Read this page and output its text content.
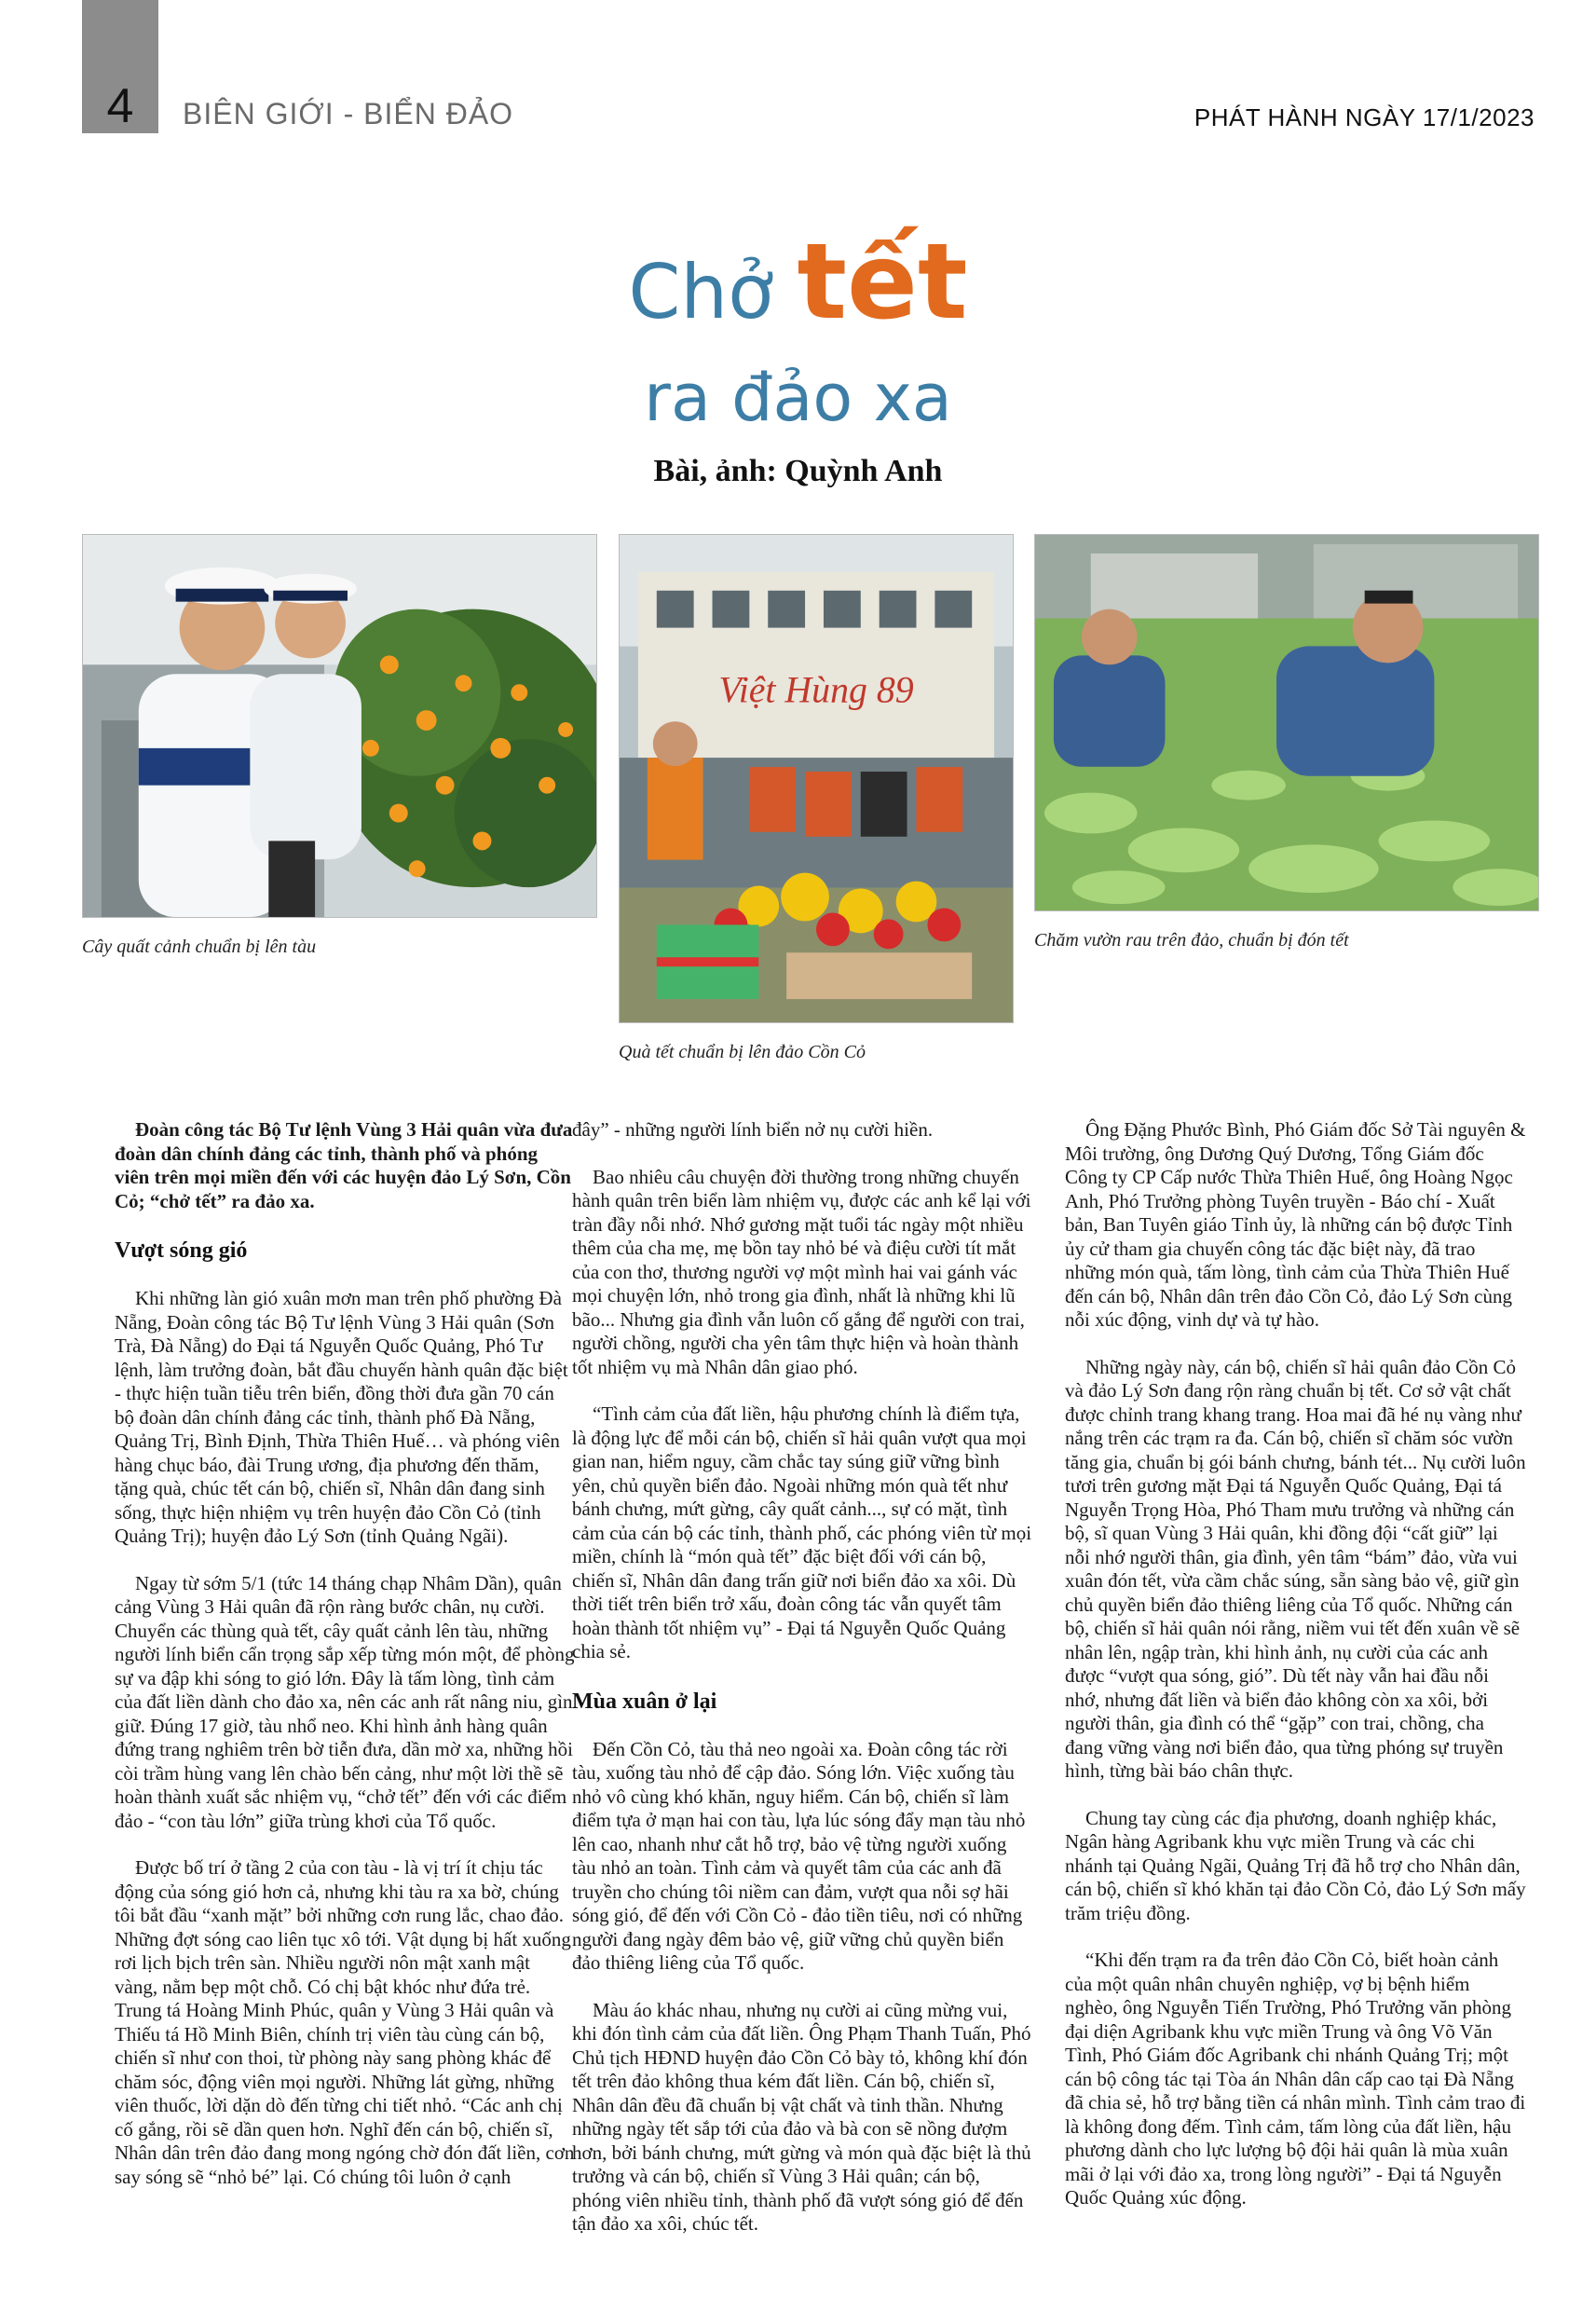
4	BIÊN GIỚI - BIỂN ĐẢO	PHÁT HÀNH NGÀY 17/1/2023
Chở tết
ra đảo xa
Bài, ảnh: Quỳnh Anh
Cây quất cảnh chuẩn bị lên tàu
Việt Hùng 89
Quà tết chuẩn bị lên đảo Cồn Cỏ
Chăm vườn rau trên đảo, chuẩn bị đón tết

Đoàn công tác Bộ Tư lệnh Vùng 3 Hải quân vừa đưa đoàn dân chính đảng các tỉnh, thành phố và phóng viên trên mọi miền đến với các huyện đảo Lý Sơn, Cồn Cỏ; “chở tết” ra đảo xa.

Vượt sóng gió

Khi những làn gió xuân mơn man trên phố phường Đà Nẵng, Đoàn công tác Bộ Tư lệnh Vùng 3 Hải quân (Sơn Trà, Đà Nẵng) do Đại tá Nguyễn Quốc Quảng, Phó Tư lệnh, làm trưởng đoàn, bắt đầu chuyến hành quân đặc biệt - thực hiện tuần tiễu trên biển, đồng thời đưa gần 70 cán bộ đoàn dân chính đảng các tỉnh, thành phố Đà Nẵng, Quảng Trị, Bình Định, Thừa Thiên Huế… và phóng viên hàng chục báo, đài Trung ương, địa phương đến thăm, tặng quà, chúc tết cán bộ, chiến sĩ, Nhân dân đang sinh sống, thực hiện nhiệm vụ trên huyện đảo Cồn Cỏ (tỉnh Quảng Trị); huyện đảo Lý Sơn (tỉnh Quảng Ngãi).

Ngay từ sớm 5/1 (tức 14 tháng chạp Nhâm Dần), quân cảng Vùng 3 Hải quân đã rộn ràng bước chân, nụ cười. Chuyển các thùng quà tết, cây quất cảnh lên tàu, những người lính biển cẩn trọng sắp xếp từng món một, để phòng sự va đập khi sóng to gió lớn. Đây là tấm lòng, tình cảm của đất liền dành cho đảo xa, nên các anh rất nâng niu, gìn giữ. Đúng 17 giờ, tàu nhổ neo. Khi hình ảnh hàng quân đứng trang nghiêm trên bờ tiễn đưa, dần mờ xa, những hồi còi trầm hùng vang lên chào bến cảng, như một lời thề sẽ hoàn thành xuất sắc nhiệm vụ, “chở tết” đến với các điểm đảo - “con tàu lớn” giữa trùng khơi của Tổ quốc.

Được bố trí ở tầng 2 của con tàu - là vị trí ít chịu tác động của sóng gió hơn cả, nhưng khi tàu ra xa bờ, chúng tôi bắt đầu “xanh mặt” bởi những cơn rung lắc, chao đảo. Những đợt sóng cao liên tục xô tới. Vật dụng bị hất xuống rơi lịch bịch trên sàn. Nhiều người nôn mật xanh mật vàng, nằm bẹp một chỗ. Có chị bật khóc như đứa trẻ. Trung tá Hoàng Minh Phúc, quân y Vùng 3 Hải quân và Thiếu tá Hồ Minh Biên, chính trị viên tàu cùng cán bộ, chiến sĩ như con thoi, từ phòng này sang phòng khác để chăm sóc, động viên mọi người. Những lát gừng, những viên thuốc, lời dặn dò đến từng chi tiết nhỏ. “Các anh chị cố gắng, rồi sẽ dần quen hơn. Nghĩ đến cán bộ, chiến sĩ, Nhân dân trên đảo đang mong ngóng chờ đón đất liền, cơn say sóng sẽ “nhỏ bé” lại. Có chúng tôi luôn ở cạnh

đây” - những người lính biển nở nụ cười hiền.

Bao nhiêu câu chuyện đời thường trong những chuyến hành quân trên biển làm nhiệm vụ, được các anh kể lại với tràn đầy nỗi nhớ. Nhớ gương mặt tuổi tác ngày một nhiều thêm của cha mẹ, mẹ bồn tay nhỏ bé và điệu cười tít mắt của con thơ, thương người vợ một mình hai vai gánh vác mọi chuyện lớn, nhỏ trong gia đình, nhất là những khi lũ bão... Nhưng gia đình vẫn luôn cố gắng để người con trai, người chồng, người cha yên tâm thực hiện và hoàn thành tốt nhiệm vụ mà Nhân dân giao phó.

“Tình cảm của đất liền, hậu phương chính là điểm tựa, là động lực để mỗi cán bộ, chiến sĩ hải quân vượt qua mọi gian nan, hiểm nguy, cầm chắc tay súng giữ vững bình yên, chủ quyền biển đảo. Ngoài những món quà tết như bánh chưng, mứt gừng, cây quất cảnh..., sự có mặt, tình cảm của cán bộ các tỉnh, thành phố, các phóng viên từ mọi miền, chính là “món quà tết” đặc biệt đối với cán bộ, chiến sĩ, Nhân dân đang trấn giữ nơi biển đảo xa xôi. Dù thời tiết trên biển trở xấu, đoàn công tác vẫn quyết tâm hoàn thành tốt nhiệm vụ” - Đại tá Nguyễn Quốc Quảng chia sẻ.

Mùa xuân ở lại

Đến Cồn Cỏ, tàu thả neo ngoài xa. Đoàn công tác rời tàu, xuống tàu nhỏ để cập đảo. Sóng lớn. Việc xuống tàu nhỏ vô cùng khó khăn, nguy hiểm. Cán bộ, chiến sĩ làm điểm tựa ở mạn hai con tàu, lựa lúc sóng đẩy mạn tàu nhỏ lên cao, nhanh như cắt hỗ trợ, bảo vệ từng người xuống tàu nhỏ an toàn. Tình cảm và quyết tâm của các anh đã truyền cho chúng tôi niềm can đảm, vượt qua nỗi sợ hãi sóng gió, để đến với Cồn Cỏ - đảo tiền tiêu, nơi có những người đang ngày đêm bảo vệ, giữ vững chủ quyền biển đảo thiêng liêng của Tổ quốc.

Màu áo khác nhau, nhưng nụ cười ai cũng mừng vui, khi đón tình cảm của đất liền. Ông Phạm Thanh Tuấn, Phó Chủ tịch HĐND huyện đảo Cồn Cỏ bày tỏ, không khí đón tết trên đảo không thua kém đất liền. Cán bộ, chiến sĩ, Nhân dân đều đã chuẩn bị vật chất và tinh thần. Nhưng những ngày tết sắp tới của đảo và bà con sẽ nồng đượm hơn, bởi bánh chưng, mứt gừng và món quà đặc biệt là thủ trưởng và cán bộ, chiến sĩ Vùng 3 Hải quân; cán bộ, phóng viên nhiều tỉnh, thành phố đã vượt sóng gió để đến tận đảo xa xôi, chúc tết.

Ông Đặng Phước Bình, Phó Giám đốc Sở Tài nguyên & Môi trường, ông Dương Quý Dương, Tổng Giám đốc Công ty CP Cấp nước Thừa Thiên Huế, ông Hoàng Ngọc Anh, Phó Trưởng phòng Tuyên truyền - Báo chí - Xuất bản, Ban Tuyên giáo Tỉnh ủy, là những cán bộ được Tỉnh ủy cử tham gia chuyến công tác đặc biệt này, đã trao những món quà, tấm lòng, tình cảm của Thừa Thiên Huế đến cán bộ, Nhân dân trên đảo Cồn Cỏ, đảo Lý Sơn cùng nỗi xúc động, vinh dự và tự hào.

Những ngày này, cán bộ, chiến sĩ hải quân đảo Cồn Cỏ và đảo Lý Sơn đang rộn ràng chuẩn bị tết. Cơ sở vật chất được chỉnh trang khang trang. Hoa mai đã hé nụ vàng như nắng trên các trạm ra đa. Cán bộ, chiến sĩ chăm sóc vườn tăng gia, chuẩn bị gói bánh chưng, bánh tét... Nụ cười luôn tươi trên gương mặt Đại tá Nguyễn Quốc Quảng, Đại tá Nguyễn Trọng Hòa, Phó Tham mưu trưởng và những cán bộ, sĩ quan Vùng 3 Hải quân, khi đồng đội “cất giữ” lại nỗi nhớ người thân, gia đình, yên tâm “bám” đảo, vừa vui xuân đón tết, vừa cầm chắc súng, sẵn sàng bảo vệ, giữ gìn chủ quyền biển đảo thiêng liêng của Tổ quốc. Những cán bộ, chiến sĩ hải quân nói rằng, niềm vui tết đến xuân về sẽ nhân lên, ngập tràn, khi hình ảnh, nụ cười của các anh được “vượt qua sóng, gió”. Dù tết này vẫn hai đầu nỗi nhớ, nhưng đất liền và biển đảo không còn xa xôi, bởi người thân, gia đình có thể “gặp” con trai, chồng, cha đang vững vàng nơi biển đảo, qua từng phóng sự truyền hình, từng bài báo chân thực.

Chung tay cùng các địa phương, doanh nghiệp khác, Ngân hàng Agribank khu vực miền Trung và các chi nhánh tại Quảng Ngãi, Quảng Trị đã hỗ trợ cho Nhân dân, cán bộ, chiến sĩ khó khăn tại đảo Cồn Cỏ, đảo Lý Sơn mấy trăm triệu đồng.

“Khi đến trạm ra đa trên đảo Cồn Cỏ, biết hoàn cảnh của một quân nhân chuyên nghiệp, vợ bị bệnh hiểm nghèo, ông Nguyễn Tiến Trường, Phó Trưởng văn phòng đại diện Agribank khu vực miền Trung và ông Võ Văn Tình, Phó Giám đốc Agribank chi nhánh Quảng Trị; một cán bộ công tác tại Tòa án Nhân dân cấp cao tại Đà Nẵng đã chia sẻ, hỗ trợ bằng tiền cá nhân mình. Tình cảm trao đi là không đong đếm. Tình cảm, tấm lòng của đất liền, hậu phương dành cho lực lượng bộ đội hải quân là mùa xuân mãi ở lại với đảo xa, trong lòng người” - Đại tá Nguyễn Quốc Quảng xúc động.
